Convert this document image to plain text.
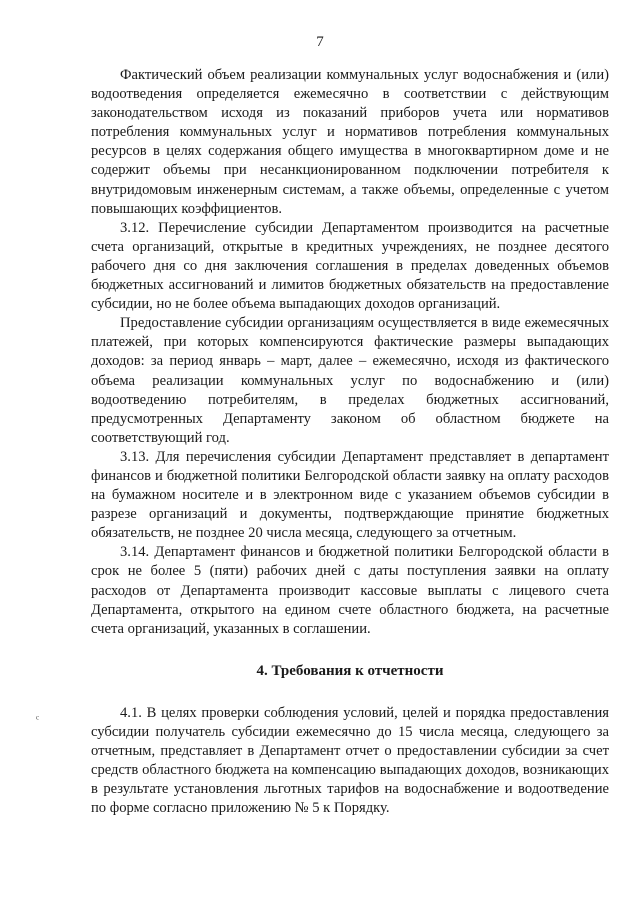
7
ᶜ

Фактический объем реализации коммунальных услуг водоснабжения и (или) водоотведения определяется ежемесячно в соответствии с действующим законодательством исходя из показаний приборов учета или нормативов потребления коммунальных услуг и нормативов потребления коммунальных ресурсов в целях содержания общего имущества в многоквартирном доме и не содержит объемы при несанкционированном подключении потребителя к внутридомовым инженерным системам, а также объемы, определенные с учетом повышающих коэффициентов.

3.12. Перечисление субсидии Департаментом производится на расчетные счета организаций, открытые в кредитных учреждениях, не позднее десятого рабочего дня со дня заключения соглашения в пределах доведенных объемов бюджетных ассигнований и лимитов бюджетных обязательств на предоставление субсидии, но не более объема выпадающих доходов организаций.

Предоставление субсидии организациям осуществляется в виде ежемесячных платежей, при которых компенсируются фактические размеры выпадающих доходов: за период январь – март, далее – ежемесячно, исходя из фактического объема реализации коммунальных услуг по водоснабжению и (или) водоотведению потребителям, в пределах бюджетных ассигнований, предусмотренных Департаменту законом об областном бюджете на соответствующий год.

3.13. Для перечисления субсидии Департамент представляет в департамент финансов и бюджетной политики Белгородской области заявку на оплату расходов на бумажном носителе и в электронном виде с указанием объемов субсидии в разрезе организаций и документы, подтверждающие принятие бюджетных обязательств, не позднее 20 числа месяца, следующего за отчетным.

3.14. Департамент финансов и бюджетной политики Белгородской области в срок не более 5 (пяти) рабочих дней с даты поступления заявки на оплату расходов от Департамента производит кассовые выплаты с лицевого счета Департамента, открытого на едином счете областного бюджета, на расчетные счета организаций, указанных в соглашении.

4. Требования к отчетности

4.1. В целях проверки соблюдения условий, целей и порядка предоставления субсидии получатель субсидии ежемесячно до 15 числа месяца, следующего за отчетным, представляет в Департамент отчет о предоставлении субсидии за счет средств областного бюджета на компенсацию выпадающих доходов, возникающих в результате установления льготных тарифов на водоснабжение и водоотведение по форме согласно приложению № 5 к Порядку.
